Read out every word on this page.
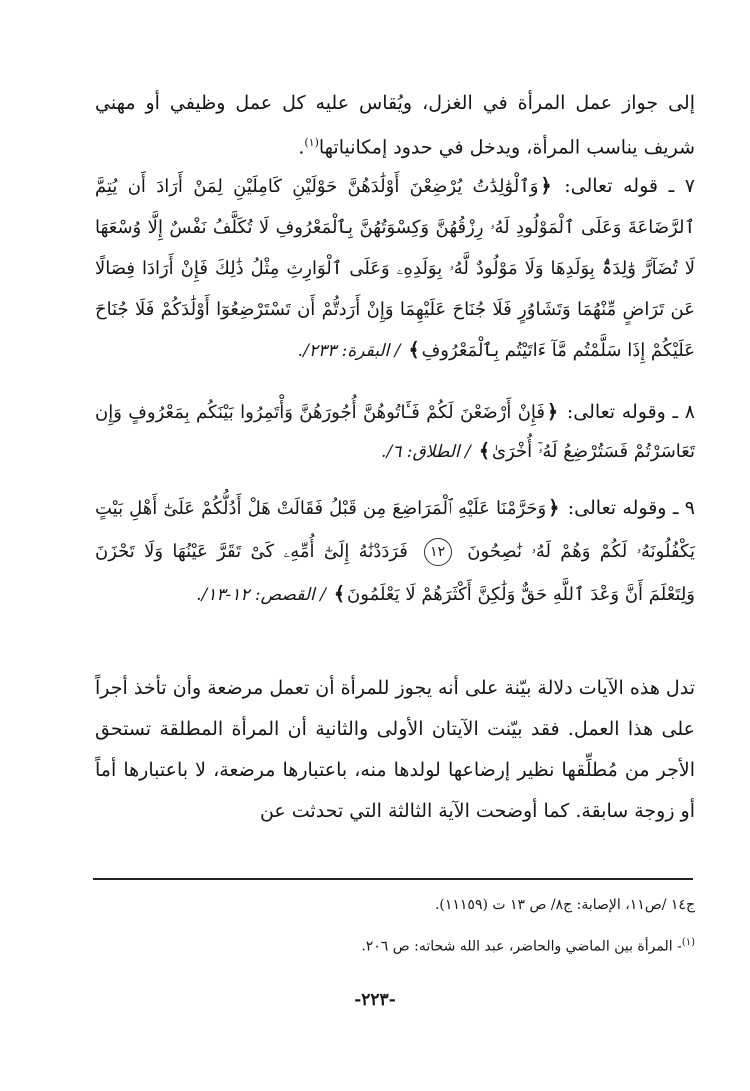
إلى جواز عمل المرأة في الغزل، ويُقاس عليه كل عمل وظيفي أو مهني شريف يناسب المرأة، ويدخل في حدود إمكانياتها$^{(١)}$.

٧ ـ قوله تعالى: ﴿وَٱلْوَٰلِدَٰتُ يُرْضِعْنَ أَوْلَٰدَهُنَّ حَوْلَيْنِ كَامِلَيْنِ لِمَنْ أَرَادَ أَن يُتِمَّ ٱلرَّضَاعَةَ وَعَلَى ٱلْمَوْلُودِ لَهُۥ رِزْقُهُنَّ وَكِسْوَتُهُنَّ بِٱلْمَعْرُوفِ لَا تُكَلَّفُ نَفْسٌ إِلَّا وُسْعَهَا لَا تُضَآرَّ وَٰلِدَةٌۢ بِوَلَدِهَا وَلَا مَوْلُودٌ لَّهُۥ بِوَلَدِهِۦ وَعَلَى ٱلْوَارِثِ مِثْلُ ذَٰلِكَ فَإِنْ أَرَادَا فِصَالًا عَن تَرَاضٍ مِّنْهُمَا وَتَشَاوُرٍ فَلَا جُنَاحَ عَلَيْهِمَا وَإِنْ أَرَدتُّمْ أَن تَسْتَرْضِعُوٓا أَوْلَٰدَكُمْ فَلَا جُنَاحَ عَلَيْكُمْ إِذَا سَلَّمْتُم مَّآ ءَاتَيْتُم بِٱلْمَعْرُوفِ﴾ / البقرة: ٢٣٣/.

٨ ـ وقوله تعالى: ﴿فَإِنْ أَرْضَعْنَ لَكُمْ فَـَٔاتُوهُنَّ أُجُورَهُنَّ وَأْتَمِرُوا بَيْنَكُم بِمَعْرُوفٍ وَإِن تَعَاسَرْتُمْ فَسَتُرْضِعُ لَهُۥٓ أُخْرَىٰ﴾ / الطلاق: ٦/.

٩ ـ وقوله تعالى: ﴿وَحَرَّمْنَا عَلَيْهِ ٱلْمَرَاضِعَ مِن قَبْلُ فَقَالَتْ هَلْ أَدُلُّكُمْ عَلَىٰٓ أَهْلِ بَيْتٍ يَكْفُلُونَهُۥ لَكُمْ وَهُمْ لَهُۥ نَٰصِحُونَ ١٢ فَرَدَدْنَٰهُ إِلَىٰٓ أُمِّهِۦ كَىْ تَقَرَّ عَيْنُهَا وَلَا تَحْزَنَ وَلِتَعْلَمَ أَنَّ وَعْدَ ٱللَّهِ حَقٌّ وَلَٰكِنَّ أَكْثَرَهُمْ لَا يَعْلَمُونَ﴾ / القصص: ١٢-١٣/.

تدل هذه الآيات دلالة بيّنة على أنه يجوز للمرأة أن تعمل مرضعة وأن تأخذ أجراً على هذا العمل. فقد بيّنت الآيتان الأولى والثانية أن المرأة المطلقة تستحق الأجر من مُطلِّقها نظير إرضاعها لولدها منه، باعتبارها مرضعة، لا باعتبارها أماً أو زوجة سابقة. كما أوضحت الآية الثالثة التي تحدثت عن

ج١٤ /ص١١، الإصابة: ج٨/ ص ١٣ ت (١١١٥٩).

$^{(١)}$- المرأة بين الماضي والحاضر، عبد الله شحاته: ص ٢٠٦.

-٢٢٣-
